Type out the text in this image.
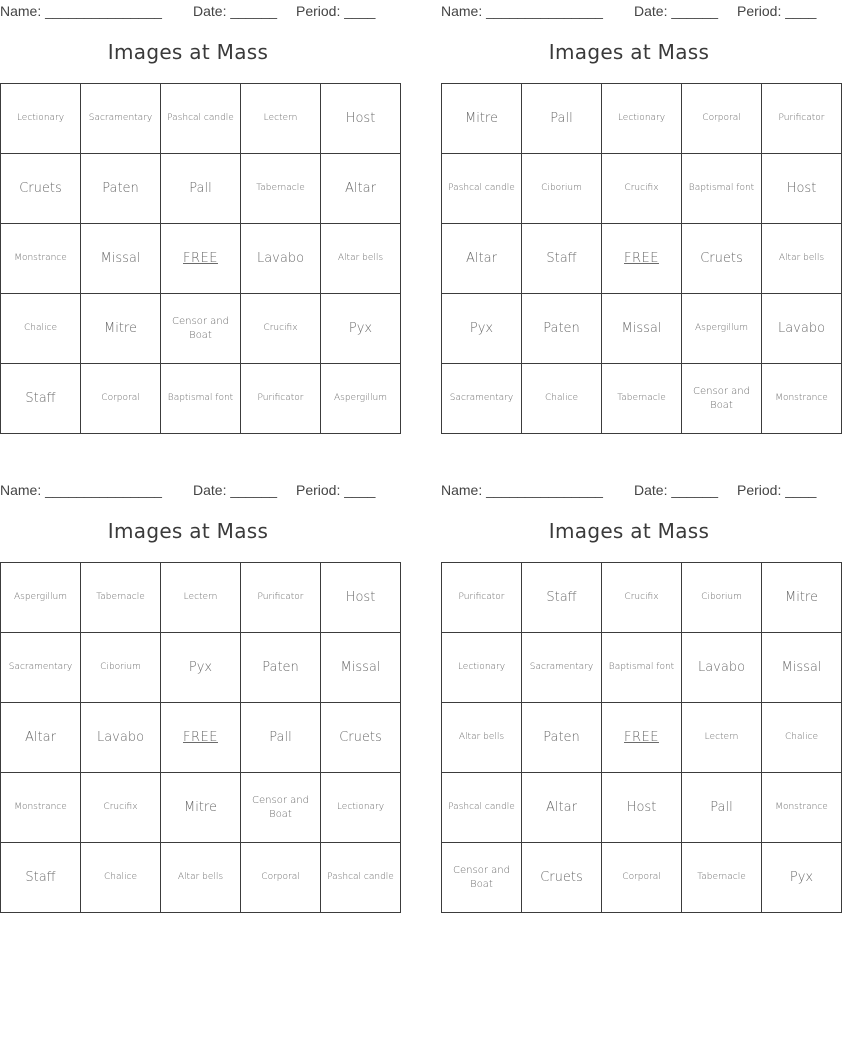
Name: _______________ Date: ______ Period: ____
Images at Mass
Lectionary	Sacramentary	Pashcal candle	Lectern	Host
Cruets	Paten	Pall	Tabernacle	Altar
Monstrance	Missal	FREE	Lavabo	Altar bells
Chalice	Mitre	Censor and Boat	Crucifix	Pyx
Staff	Corporal	Baptismal font	Purificator	Aspergillum
Name: _______________ Date: ______ Period: ____
Images at Mass
Mitre	Pall	Lectionary	Corporal	Purificator
Pashcal candle	Ciborium	Crucifix	Baptismal font	Host
Altar	Staff	FREE	Cruets	Altar bells
Pyx	Paten	Missal	Aspergillum	Lavabo
Sacramentary	Chalice	Tabernacle	Censor and Boat	Monstrance
Name: _______________ Date: ______ Period: ____
Images at Mass
Aspergillum	Tabernacle	Lectern	Purificator	Host
Sacramentary	Ciborium	Pyx	Paten	Missal
Altar	Lavabo	FREE	Pall	Cruets
Monstrance	Crucifix	Mitre	Censor and Boat	Lectionary
Staff	Chalice	Altar bells	Corporal	Pashcal candle
Name: _______________ Date: ______ Period: ____
Images at Mass
Purificator	Staff	Crucifix	Ciborium	Mitre
Lectionary	Sacramentary	Baptismal font	Lavabo	Missal
Altar bells	Paten	FREE	Lectern	Chalice
Pashcal candle	Altar	Host	Pall	Monstrance
Censor and Boat	Cruets	Corporal	Tabernacle	Pyx
